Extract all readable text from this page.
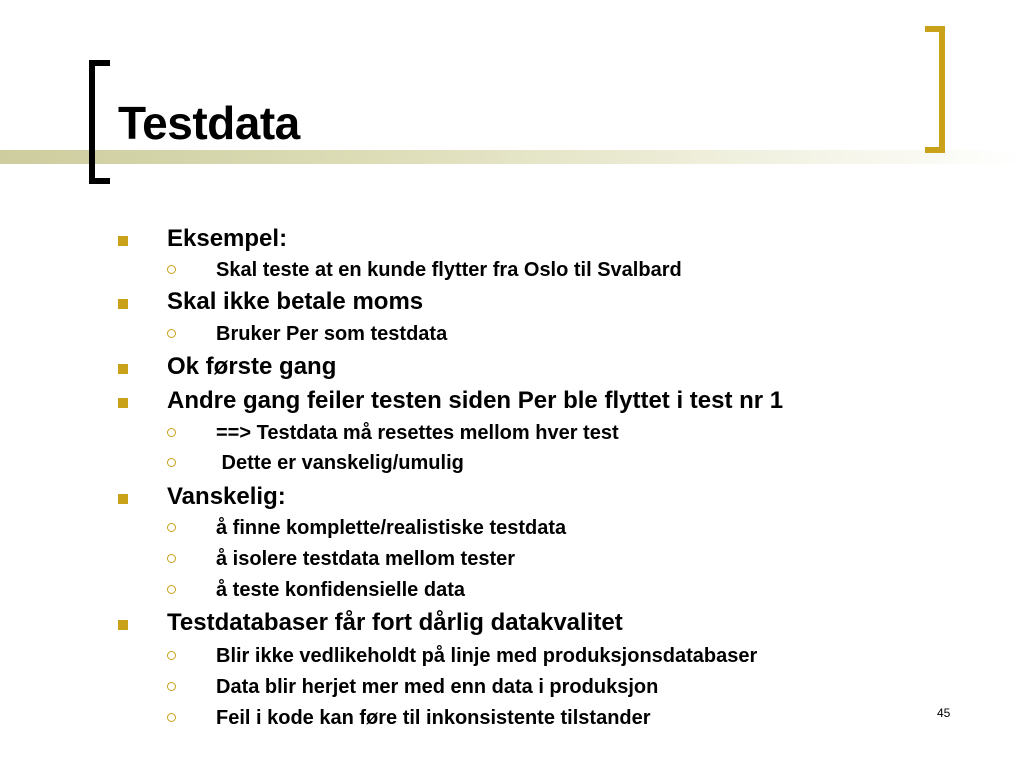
Testdata
Eksempel:
Skal teste at en kunde flytter fra Oslo til Svalbard
Skal ikke betale moms
Bruker Per som testdata
Ok første gang
Andre gang feiler testen siden Per ble flyttet i test nr 1
==> Testdata må resettes mellom hver test
Dette er vanskelig/umulig
Vanskelig:
å finne komplette/realistiske testdata
å isolere testdata mellom tester
å teste konfidensielle data
Testdatabaser får fort dårlig datakvalitet
Blir ikke vedlikeholdt på linje med produksjonsdatabaser
Data blir herjet mer med enn data i produksjon
Feil i kode kan føre til inkonsistente tilstander	45
